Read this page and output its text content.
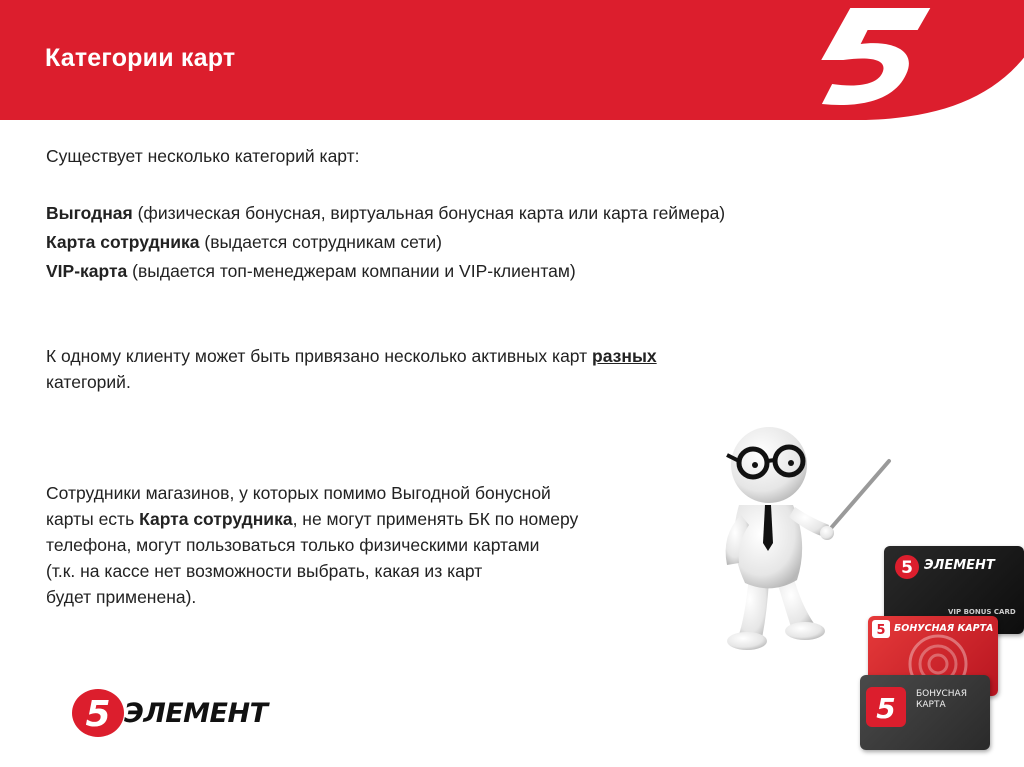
Категории карт
Существует несколько категорий карт:
Выгодная (физическая бонусная, виртуальная бонусная карта или карта геймера)
Карта сотрудника (выдается сотрудникам сети)
VIP-карта (выдается топ-менеджерам компании и VIP-клиентам)
К одному клиенту может быть привязано несколько активных карт разных
категорий.
Сотрудники магазинов, у которых помимо Выгодной бонусной
карты есть Карта сотрудника, не могут применять БК по номеру
телефона, могут пользоваться только физическими картами
(т.к. на кассе нет возможности выбрать, какая из карт
будет применена).
5 ЭЛЕМЕНТ
VIP BONUS CARD
5 БОНУСНАЯ КАРТА
5 БОНУСНАЯ
КАРТА
5 ЭЛЕМЕНТ
